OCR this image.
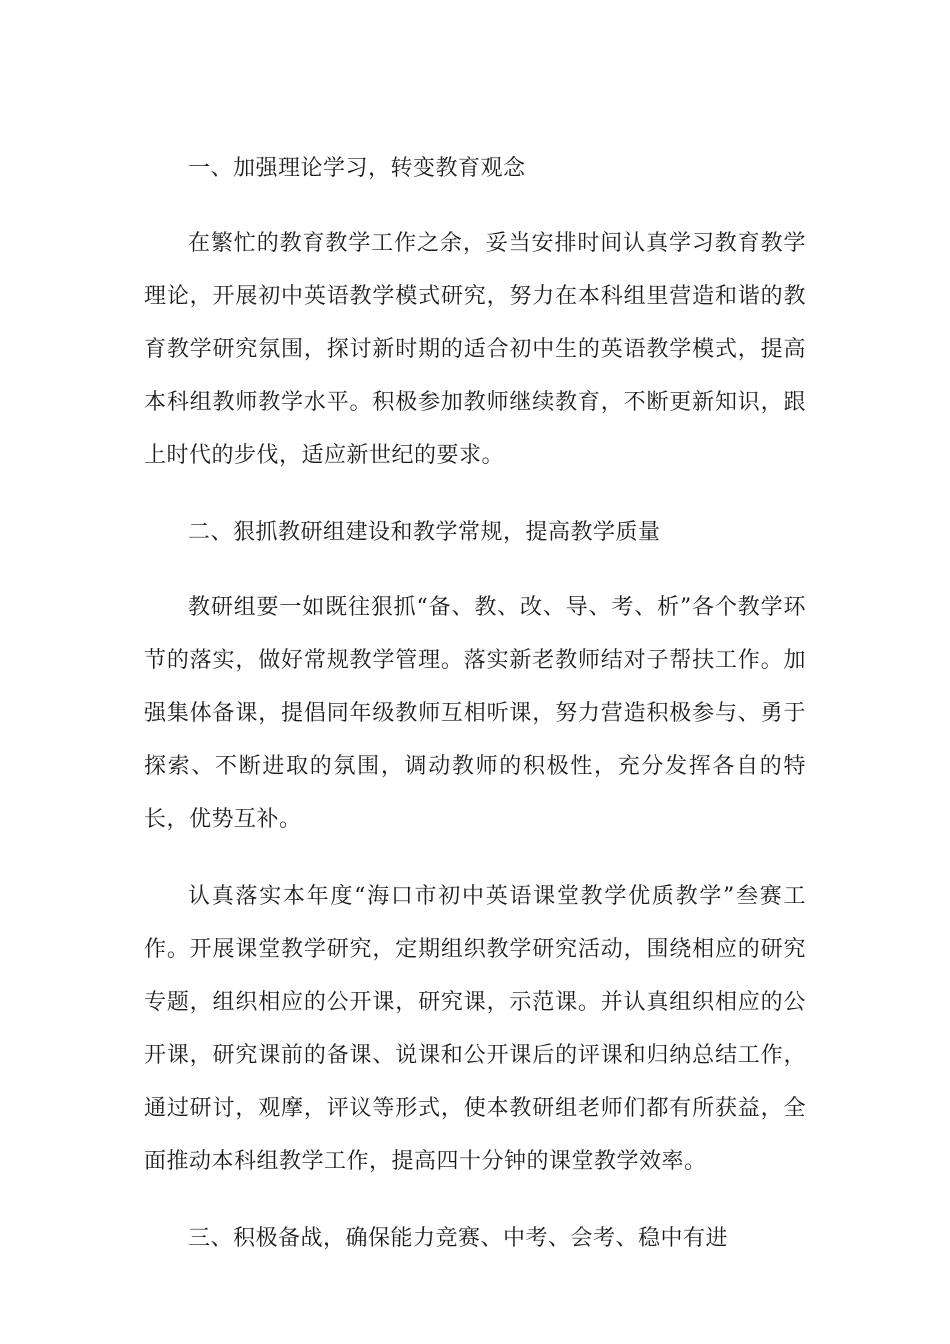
一、加强理论学习，转变教育观念

在繁忙的教育教学工作之余，妥当安排时间认真学习教育教学理论，开展初中英语教学模式研究，努力在本科组里营造和谐的教育教学研究氛围，探讨新时期的适合初中生的英语教学模式，提高本科组教师教学水平。积极参加教师继续教育，不断更新知识，跟上时代的步伐，适应新世纪的要求。

二、狠抓教研组建设和教学常规，提高教学质量

教研组要一如既往狠抓“备、教、改、导、考、析”各个教学环节的落实，做好常规教学管理。落实新老教师结对子帮扶工作。加强集体备课，提倡同年级教师互相听课，努力营造积极参与、勇于探索、不断进取的氛围，调动教师的积极性，充分发挥各自的特长，优势互补。

认真落实本年度“海口市初中英语课堂教学优质教学”叁赛工作。开展课堂教学研究，定期组织教学研究活动，围绕相应的研究专题，组织相应的公开课，研究课，示范课。并认真组织相应的公开课，研究课前的备课、说课和公开课后的评课和归纳总结工作，通过研讨，观摩，评议等形式，使本教研组老师们都有所获益，全面推动本科组教学工作，提高四十分钟的课堂教学效率。

三、积极备战，确保能力竞赛、中考、会考、稳中有进
